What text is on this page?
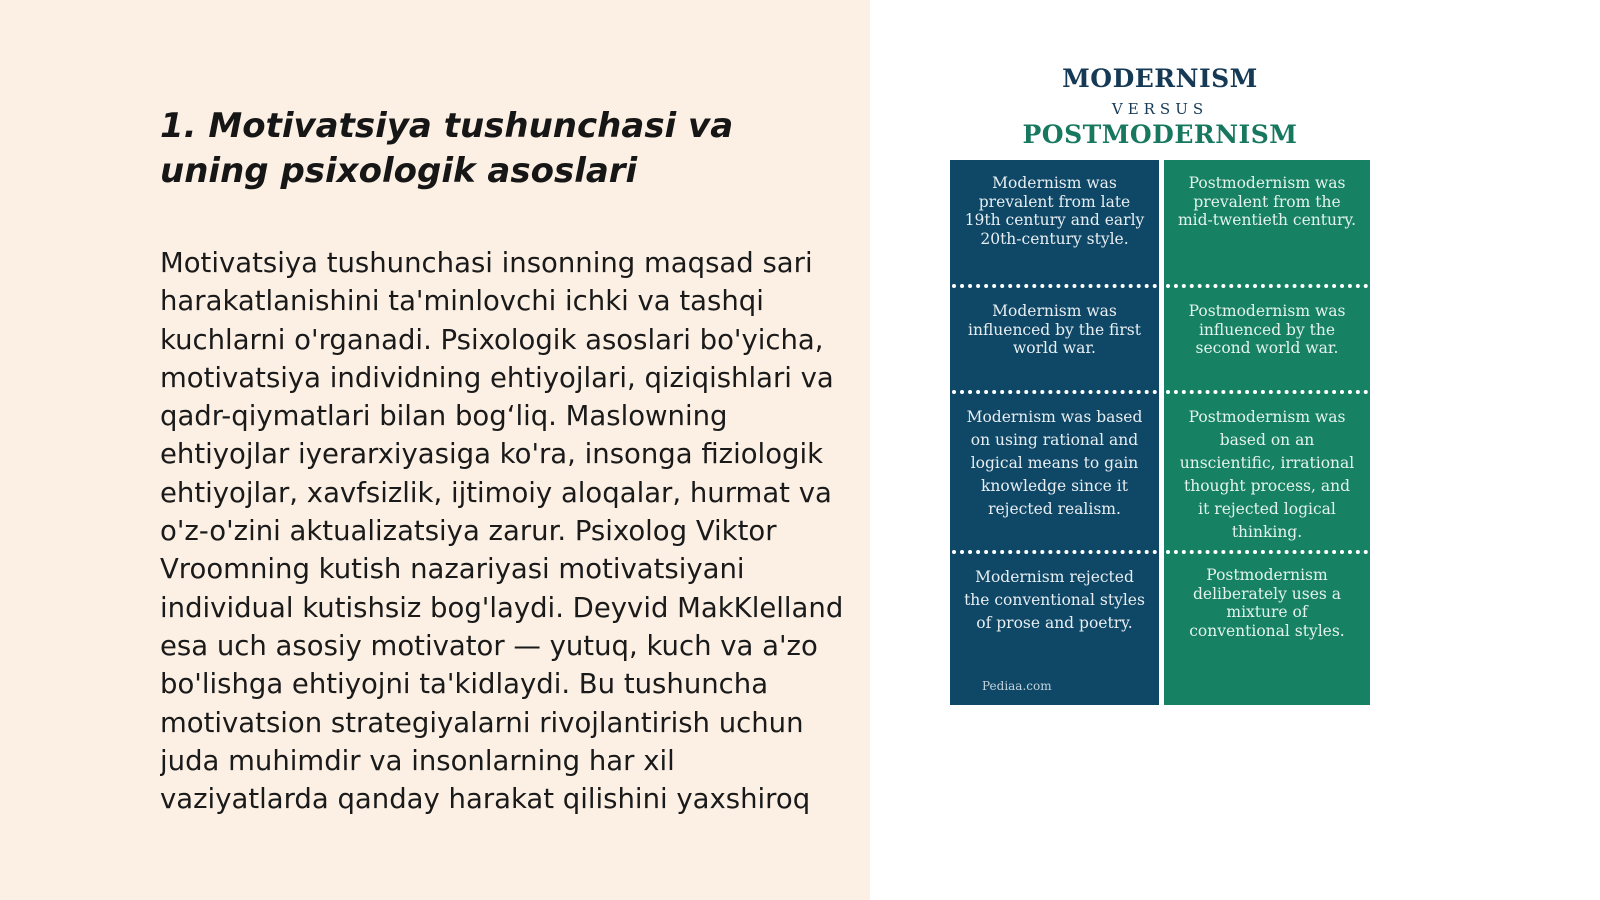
1. Motivatsiya tushunchasi va uning psixologik asoslari

Motivatsiya tushunchasi insonning maqsad sari harakatlanishini ta'minlovchi ichki va tashqi kuchlarni o'rganadi. Psixologik asoslari bo'yicha, motivatsiya individning ehtiyojlari, qiziqishlari va qadr-qiymatlari bilan bog‘liq. Maslowning ehtiyojlar iyerarxiyasiga ko'ra, insonga fiziologik ehtiyojlar, xavfsizlik, ijtimoiy aloqalar, hurmat va o'z-o'zini aktualizatsiya zarur. Psixolog Viktor Vroomning kutish nazariyasi motivatsiyani individual kutishsiz bog'laydi. Deyvid MakKlelland esa uch asosiy motivator — yutuq, kuch va a'zo bo'lishga ehtiyojni ta'kidlaydi. Bu tushuncha motivatsion strategiyalarni rivojlantirish uchun juda muhimdir va insonlarning har xil vaziyatlarda qanday harakat qilishini yaxshiroq

MODERNISM
VERSUS
POSTMODERNISM
Modernism was prevalent from late 19th century and early 20th-century style.
Modernism was influenced by the first world war.
Modernism was based on using rational and logical means to gain knowledge since it rejected realism.
Modernism rejected the conventional styles of prose and poetry.
Pediaa.com
Postmodernism was prevalent from the mid-twentieth century.
Postmodernism was influenced by the second world war.
Postmodernism was based on an unscientific, irrational thought process, and it rejected logical thinking.
Postmodernism deliberately uses a mixture of conventional styles.
